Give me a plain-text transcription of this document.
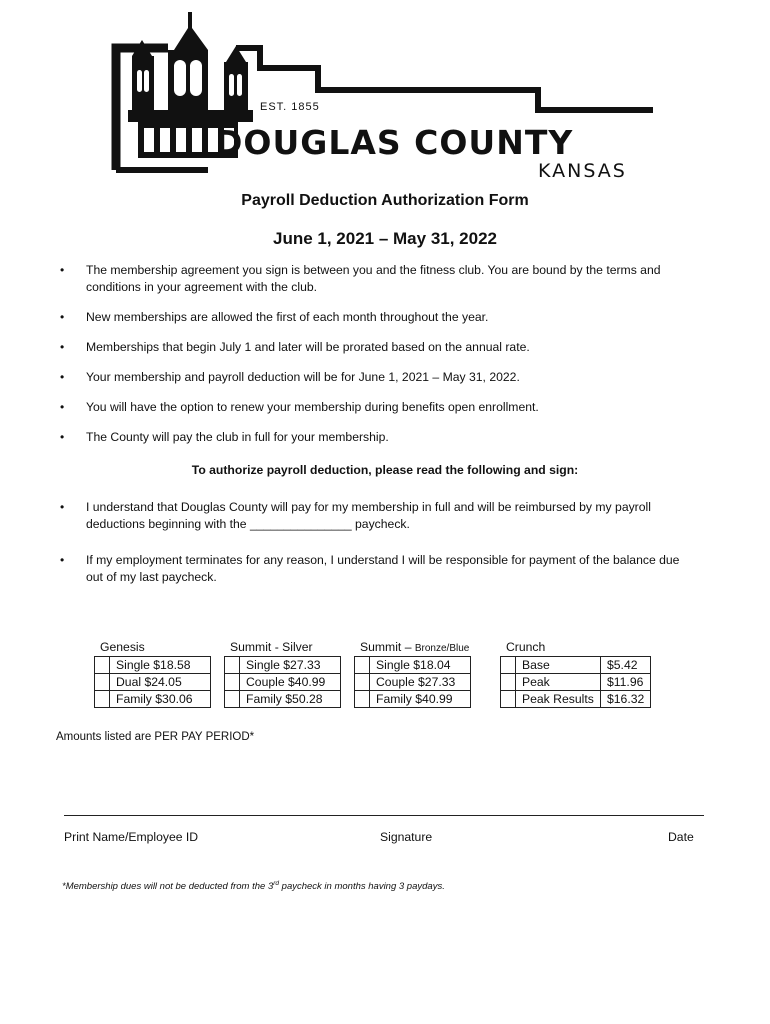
EST. 1855
DOUGLAS COUNTY
KANSAS
Payroll Deduction Authorization Form
June 1, 2021 – May 31, 2022
• The membership agreement you sign is between you and the fitness club. You are bound by the terms and conditions in your agreement with the club.
• New memberships are allowed the first of each month throughout the year.
• Memberships that begin July 1 and later will be prorated based on the annual rate.
• Your membership and payroll deduction will be for June 1, 2021 – May 31, 2022.
• You will have the option to renew your membership during benefits open enrollment.
• The County will pay the club in full for your membership.
To authorize payroll deduction, please read the following and sign:
• I understand that Douglas County will pay for my membership in full and will be reimbursed by my payroll deductions beginning with the _______________ paycheck.
• If my employment terminates for any reason, I understand I will be responsible for payment of the balance due out of my last paycheck.
Genesis
	Single $18.58
	Dual $24.05
	Family $30.06
Summit - Silver
	Single $27.33
	Couple $40.99
	Family $50.28
Summit – Bronze/Blue
	Single $18.04
	Couple $27.33
	Family $40.99
Crunch
	Base	$5.42
	Peak	$11.96
	Peak Results	$16.32
Amounts listed are PER PAY PERIOD*
Print Name/Employee ID	Signature	Date
*Membership dues will not be deducted from the 3rd paycheck in months having 3 paydays.
